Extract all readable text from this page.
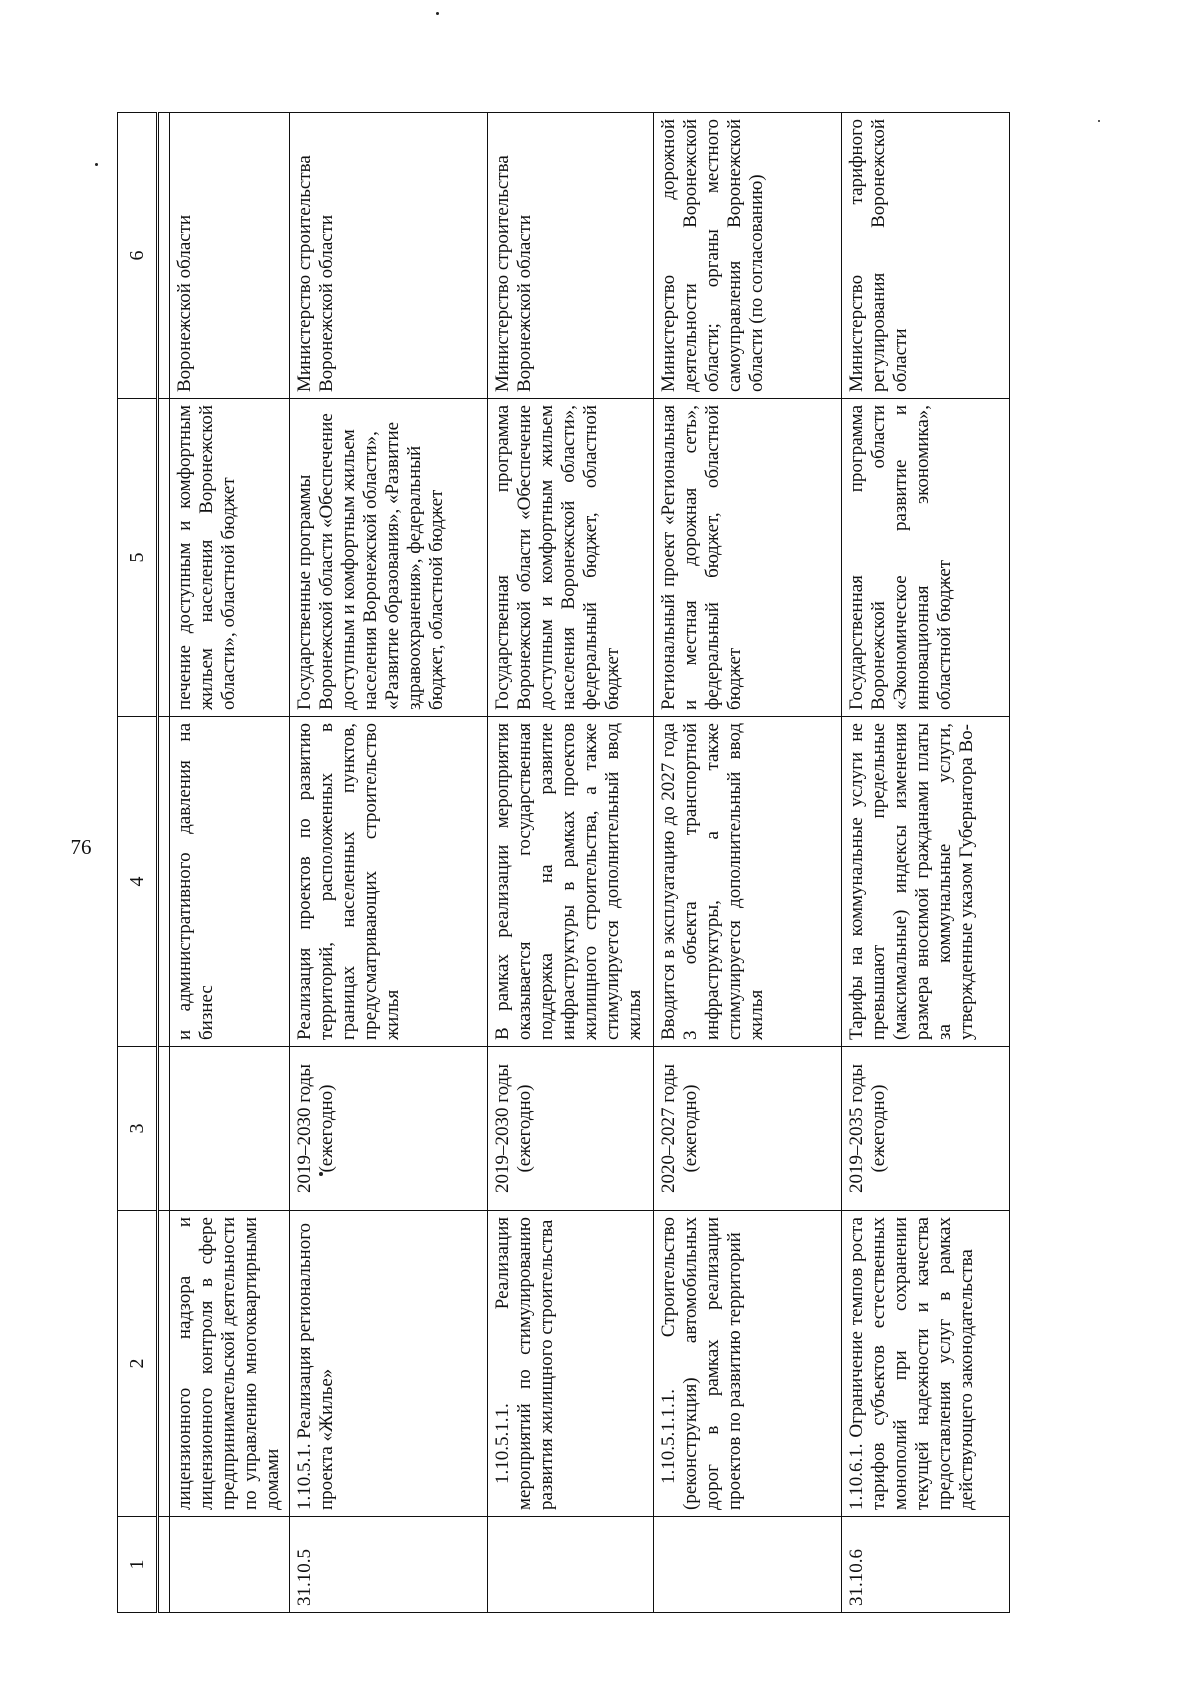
76
1	2	3	4	5	6

	лицензионного надзора и лицензионного контроля в сфере предпринимательской деятельности по управлению многоквартирными домами		и административного давления на бизнес	печение доступным и комфортным жильем населения Воронежской области», областной бюджет	Воронежской области
31.10.5	1.10.5.1. Реализация регионального проекта «Жилье»	2019–2030 годы (ежегодно)	Реализация проектов по развитию территорий, расположенных в границах населенных пунктов, предусматривающих строительство жилья	Государственные программы Воронежской области «Обеспечение доступным и комфортным жильем населения Воронежской области», «Развитие образования», «Развитие здравоохранения», федеральный бюджет, областной бюджет	Министерство строительства Воронежской области
	1.10.5.1.1. Реализация мероприятий по стимулированию развития жилищного строительства	2019–2030 годы (ежегодно)	В рамках реализации мероприятия оказывается государственная поддержка на развитие инфраструктуры в рамках проектов жилищного строительства, а также стимулируется дополнительный ввод жилья	Государственная программа Воронежской области «Обеспечение доступным и комфортным жильем населения Воронежской области», федеральный бюджет, областной бюджет	Министерство строительства Воронежской области
	1.10.5.1.1.1. Строительство (реконструкция) автомобильных дорог в рамках реализации проектов по развитию территорий	2020–2027 годы (ежегодно)	Вводится в эксплуатацию до 2027 года 3 объекта транспортной инфраструктуры, а также стимулируется дополнительный ввод жилья	Региональный проект «Региональная и местная дорожная сеть», федеральный бюджет, областной бюджет	Министерство дорожной деятельности Воронежской области; органы местного самоуправления Воронежской области (по согласованию)
31.10.6	1.10.6.1. Ограничение темпов роста тарифов субъектов естественных монополий при сохранении текущей надежности и качества предоставления услуг в рамках действующего законодательства	2019–2035 годы (ежегодно)	Тарифы на коммунальные услуги не превышают предельные (максимальные) индексы изменения размера вносимой гражданами платы за коммунальные услуги, утвержденные указом Губернатора Во-	Государственная программа Воронежской области «Экономическое развитие и инновационная экономика», областной бюджет	Министерство тарифного регулирования Воронежской области
